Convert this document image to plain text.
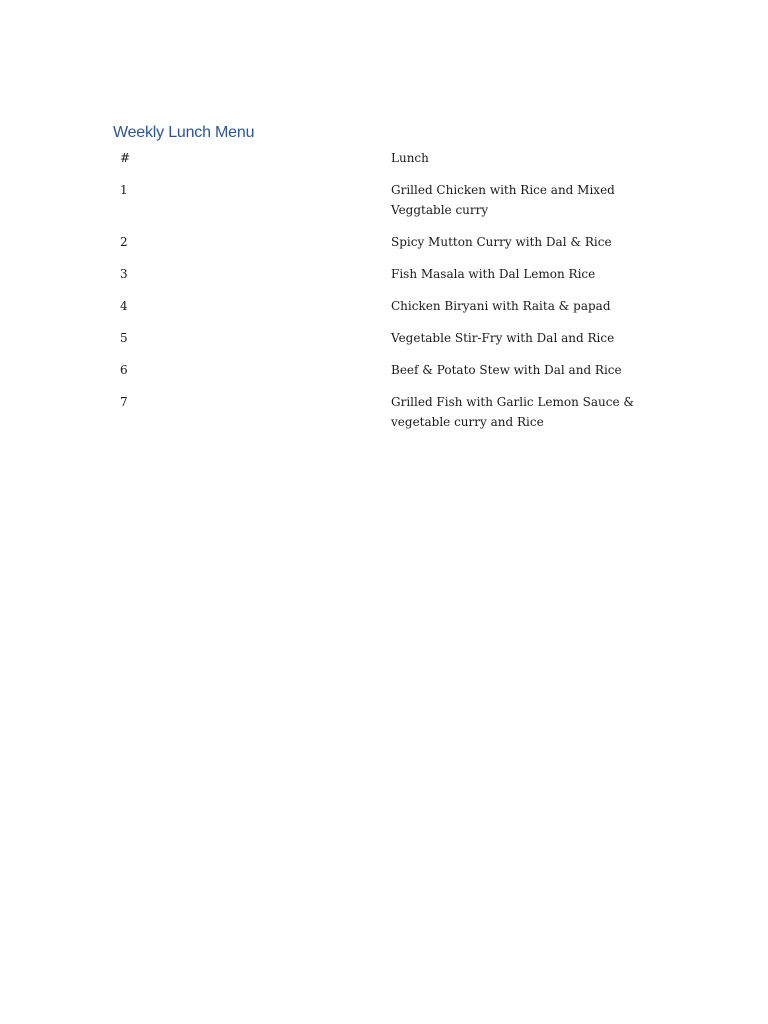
Weekly Lunch Menu
#	Lunch
1	Grilled Chicken with Rice and Mixed Veggtable curry
2	Spicy Mutton Curry with Dal & Rice
3	Fish Masala with Dal Lemon Rice
4	Chicken Biryani with Raita & papad
5	Vegetable Stir-Fry with Dal and Rice
6	Beef & Potato Stew with Dal and Rice
7	Grilled Fish with Garlic Lemon Sauce & vegetable curry and Rice
